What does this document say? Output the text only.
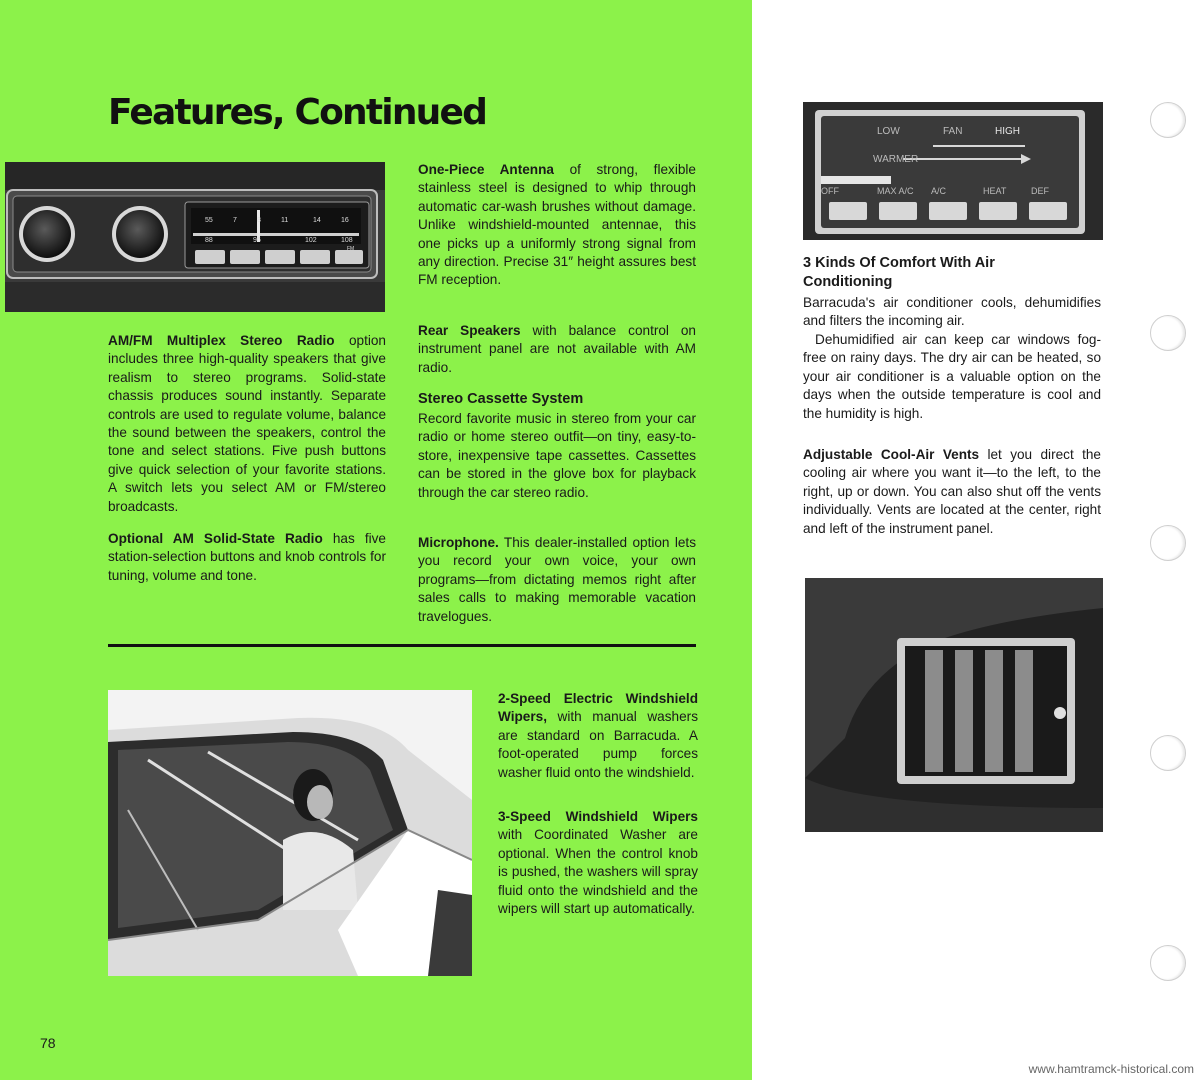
Features, Continued
55	7	8	11	14	16
88	96	102	108
FM

AM/FM Multiplex Stereo Radio option includes three high-quality speakers that give realism to stereo programs. Solid-state chassis produces sound instantly. Separate controls are used to regulate volume, balance the sound between the speakers, control the tone and select stations. Five push buttons give quick selection of your favorite stations. A switch lets you select AM or FM/stereo broadcasts.

Optional AM Solid-State Radio has five station-selection buttons and knob controls for tuning, volume and tone.

One-Piece Antenna of strong, flexible stainless steel is designed to whip through automatic car-wash brushes without damage. Unlike windshield-mounted antennae, this one picks up a uniformly strong signal from any direction. Precise 31″ height assures best FM reception.

Rear Speakers with balance control on instrument panel are not available with AM radio.

Stereo Cassette System

Record favorite music in stereo from your car radio or home stereo outfit—on tiny, easy-to-store, inexpensive tape cassettes. Cassettes can be stored in the glove box for playback through the car stereo radio.

Microphone. This dealer-installed option lets you record your own voice, your own programs—from dictating memos right after sales calls to making memorable vacation travelogues.

2-Speed Electric Windshield Wipers, with manual washers are standard on Barracuda. A foot-operated pump forces washer fluid onto the windshield.

3-Speed Windshield Wipers with Coordinated Washer are optional. When the control knob is pushed, the washers will spray fluid onto the windshield and the wipers will start up automatically.

LOW	FAN	HIGH
WARMER
OFF	MAX A/C A/C	HEAT	DEF
3 Kinds Of Comfort With Air Conditioning

Barracuda's air conditioner cools, dehumidifies and filters the incoming air.

Dehumidified air can keep car windows fog-free on rainy days. The dry air can be heated, so your air conditioner is a valuable option on the days when the outside temperature is cool and the humidity is high.

Adjustable Cool-Air Vents let you direct the cooling air where you want it—to the left, to the right, up or down. You can also shut off the vents individually. Vents are located at the center, right and left of the instrument panel.

78

www.hamtramck-historical.com
